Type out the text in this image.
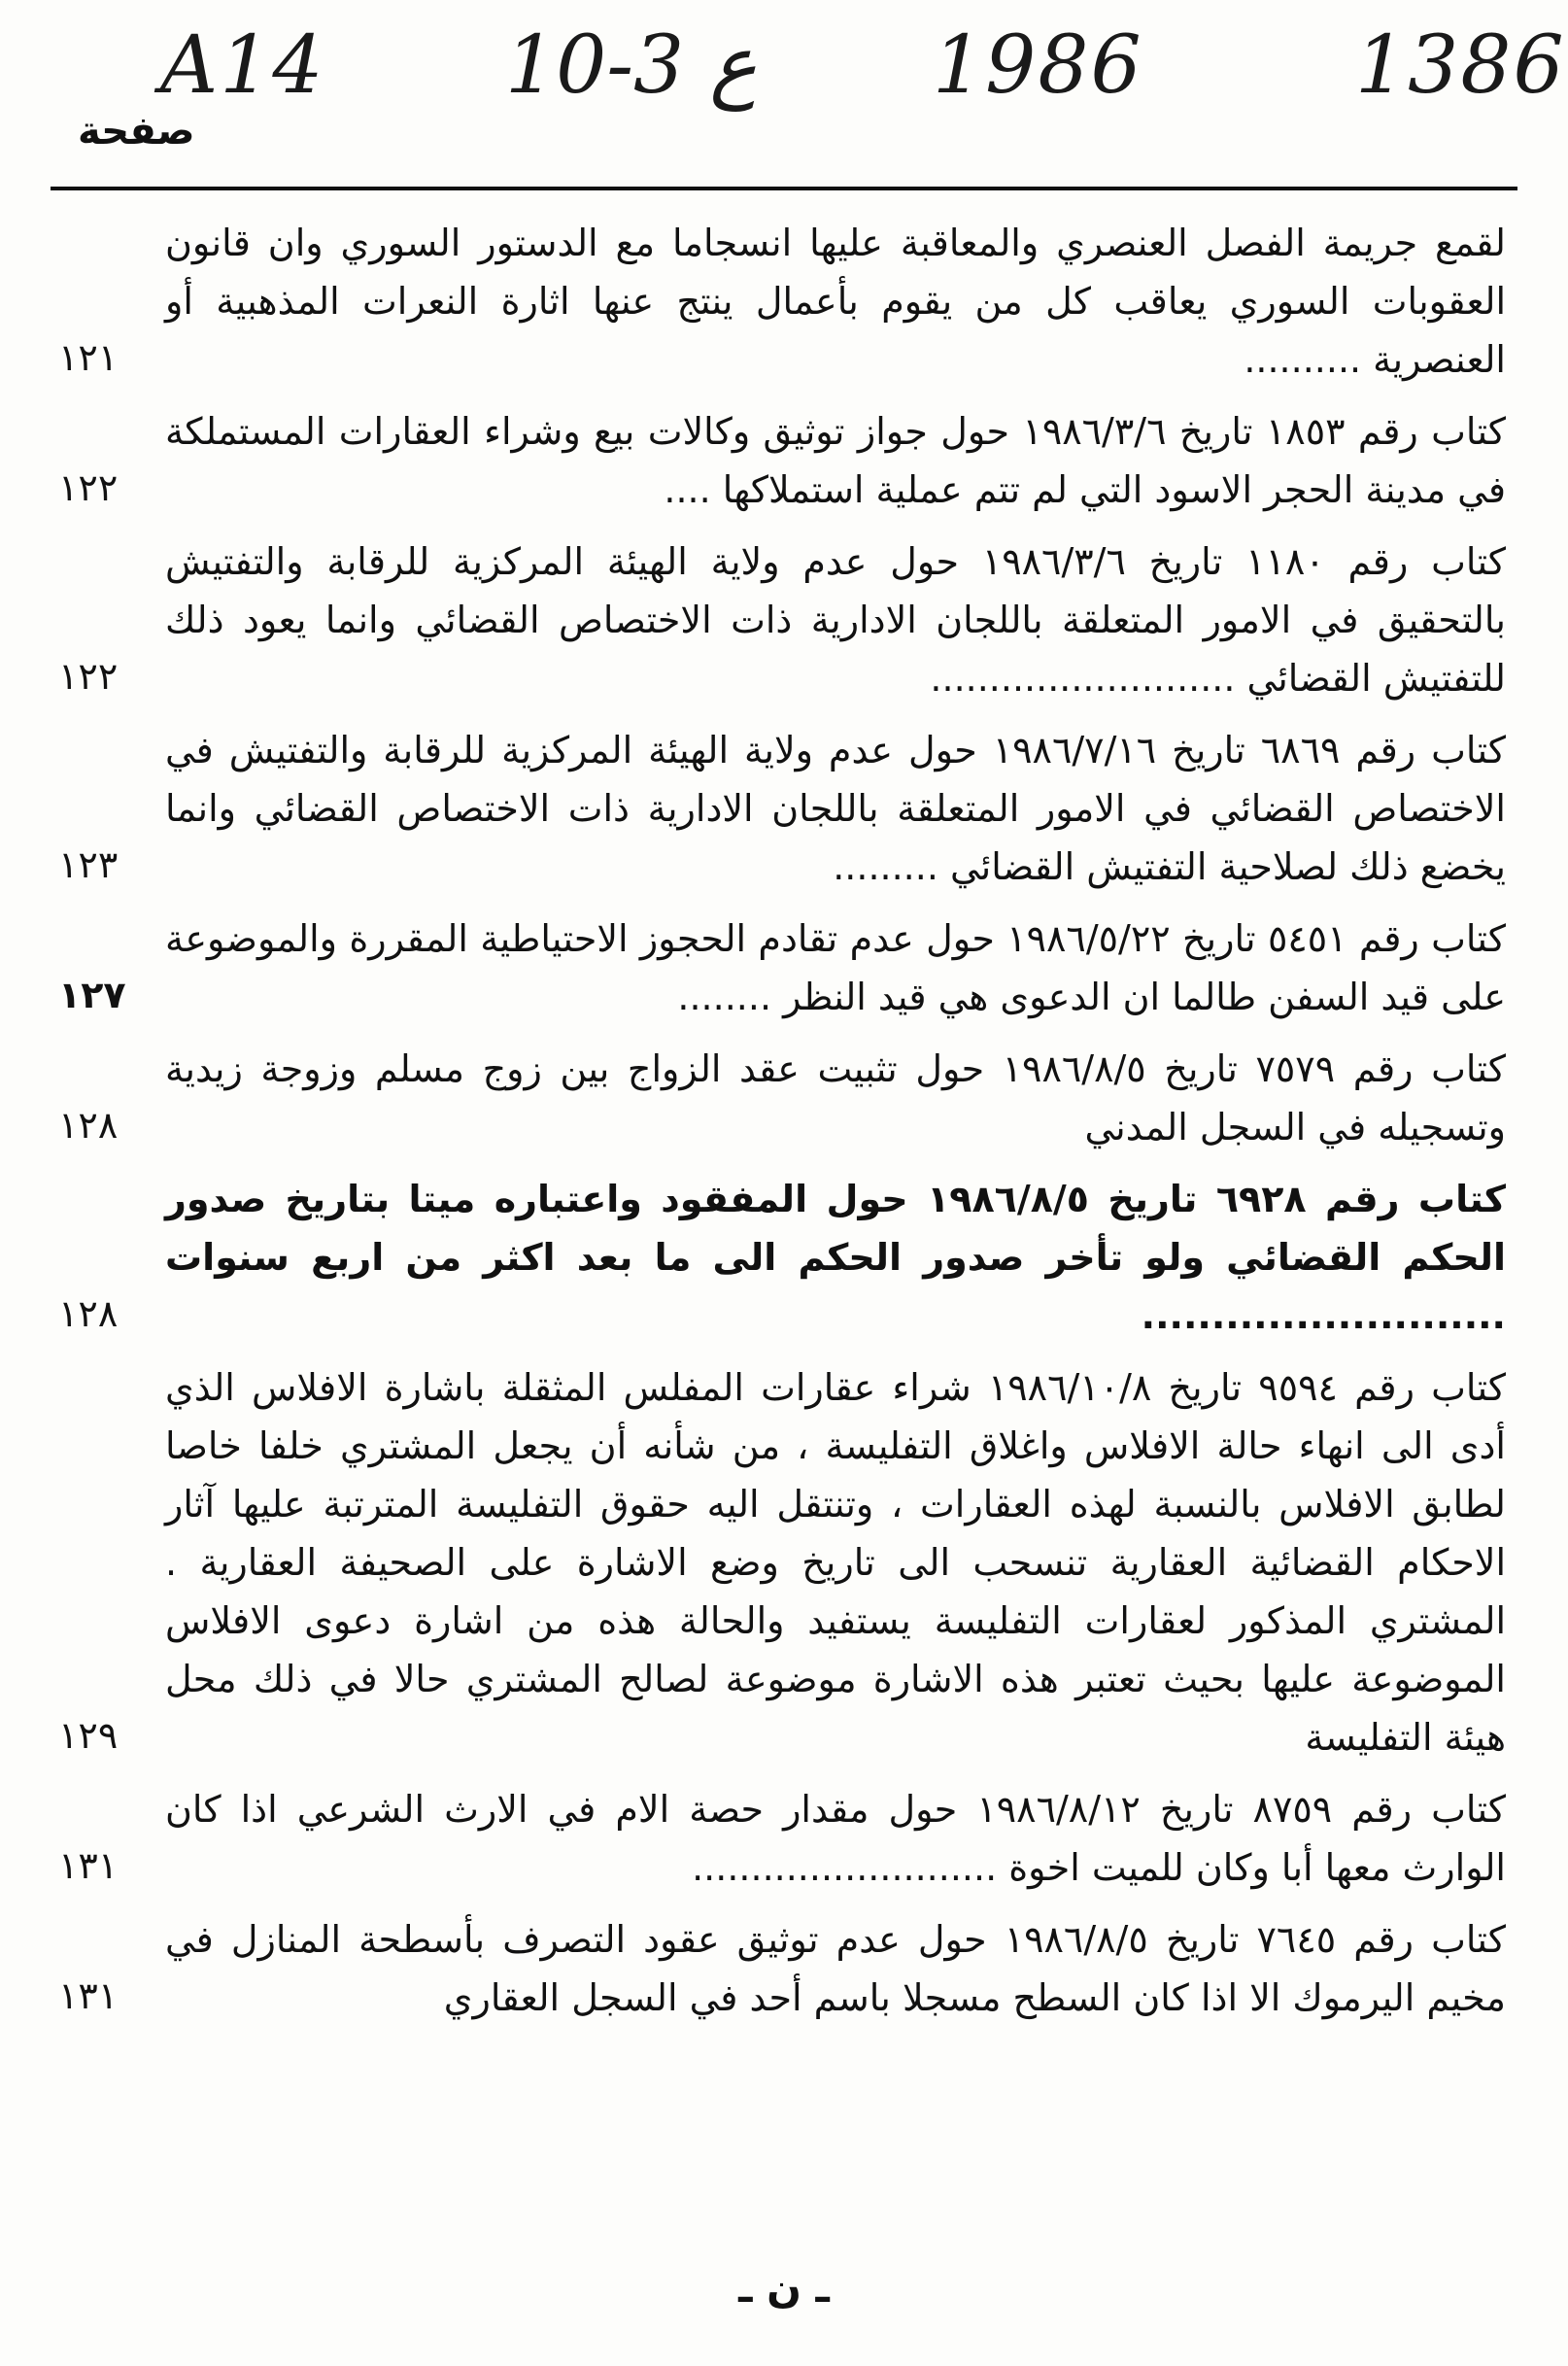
A14 10-3 ع 1986	1386
صفحة
لقمع جريمة الفصل العنصري والمعاقبة عليها انسجاما مع الدستور السوري وان قانون العقوبات السوري يعاقب كل من يقوم بأعمال ينتج عنها اثارة النعرات المذهبية أو العنصرية ..........
١٢١
كتاب رقم ١٨٥٣ تاريخ ١٩٨٦/٣/٦ حول جواز توثيق وكالات بيع وشراء العقارات المستملكة في مدينة الحجر الاسود التي لم تتم عملية استملاكها ....
١٢٢
كتاب رقم ١١٨٠ تاريخ ١٩٨٦/٣/٦ حول عدم ولاية الهيئة المركزية للرقابة والتفتيش بالتحقيق في الامور المتعلقة باللجان الادارية ذات الاختصاص القضائي وانما يعود ذلك للتفتيش القضائي ..........................
١٢٢
كتاب رقم ٦٨٦٩ تاريخ ١٩٨٦/٧/١٦ حول عدم ولاية الهيئة المركزية للرقابة والتفتيش في الاختصاص القضائي في الامور المتعلقة باللجان الادارية ذات الاختصاص القضائي وانما يخضع ذلك لصلاحية التفتيش القضائي .........
١٢٣
كتاب رقم ٥٤٥١ تاريخ ١٩٨٦/٥/٢٢ حول عدم تقادم الحجوز الاحتياطية المقررة والموضوعة على قيد السفن طالما ان الدعوى هي قيد النظر ........
١٢٧
كتاب رقم ٧٥٧٩ تاريخ ١٩٨٦/٨/٥ حول تثبيت عقد الزواج بين زوج مسلم وزوجة زيدية وتسجيله في السجل المدني
١٢٨
كتاب رقم ٦٩٢٨ تاريخ ١٩٨٦/٨/٥ حول المفقود واعتباره ميتا بتاريخ صدور الحكم القضائي ولو تأخر صدور الحكم الى ما بعد اكثر من اربع سنوات ..........................
١٢٨
كتاب رقم ٩٥٩٤ تاريخ ١٩٨٦/١٠/٨ شراء عقارات المفلس المثقلة باشارة الافلاس الذي أدى الى انهاء حالة الافلاس واغلاق التفليسة ، من شأنه أن يجعل المشتري خلفا خاصا لطابق الافلاس بالنسبة لهذه العقارات ، وتنتقل اليه حقوق التفليسة المترتبة عليها آثار الاحكام القضائية العقارية تنسحب الى تاريخ وضع الاشارة على الصحيفة العقارية . المشتري المذكور لعقارات التفليسة يستفيد والحالة هذه من اشارة دعوى الافلاس الموضوعة عليها بحيث تعتبر هذه الاشارة موضوعة لصالح المشتري حالا في ذلك محل هيئة التفليسة
١٢٩
كتاب رقم ٨٧٥٩ تاريخ ١٩٨٦/٨/١٢ حول مقدار حصة الام في الارث الشرعي اذا كان الوارث معها أبا وكان للميت اخوة ..........................
١٣١
كتاب رقم ٧٦٤٥ تاريخ ١٩٨٦/٨/٥ حول عدم توثيق عقود التصرف بأسطحة المنازل في مخيم اليرموك الا اذا كان السطح مسجلا باسم أحد في السجل العقاري
١٣١
ـ ن ـ
